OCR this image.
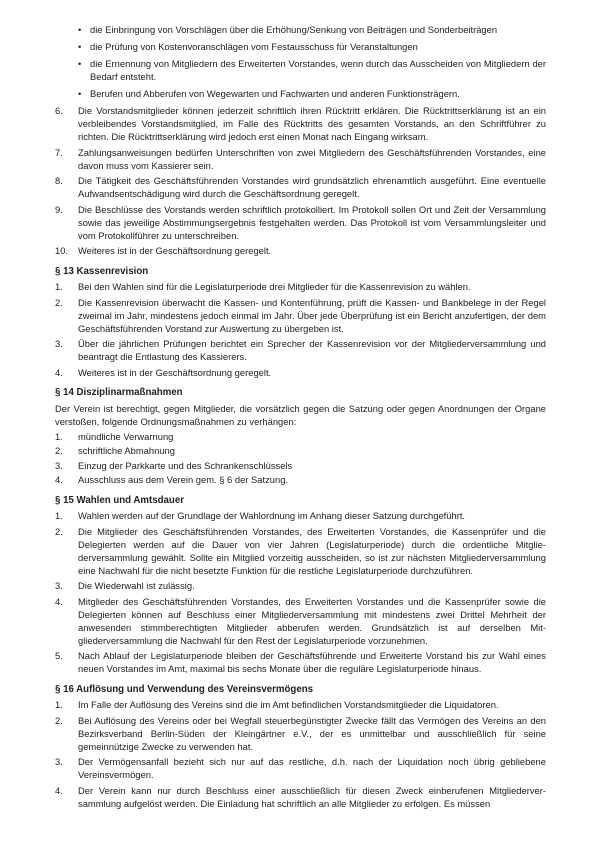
• die Einbringung von Vorschlägen über die Erhöhung/Senkung von Beiträgen und Sonderbeiträgen
• die Prüfung von Kostenvoranschlägen vom Festausschuss für Veranstaltungen
• die Ernennung von Mitgliedern des Erweiterten Vorstandes, wenn durch das Ausscheiden von Mitgliedern der Bedarf entsteht.
• Berufen und Abberufen von Wegewarten und Fachwarten und anderen Funktionsträgern.
6. Die Vorstandsmitglieder können jederzeit schriftlich ihren Rücktritt erklären. Die Rücktrittserklärung ist an ein verbleibendes Vorstandsmitglied, im Falle des Rücktritts des gesamten Vorstands, an den Schriftführer zu richten. Die Rücktrittserklärung wird jedoch erst einen Monat nach Eingang wirksam.
7. Zahlungsanweisungen bedürfen Unterschriften von zwei Mitgliedern des Geschäftsführenden Vorstandes, eine davon muss vom Kassierer sein.
8. Die Tätigkeit des Geschäftsführenden Vorstandes wird grundsätzlich ehrenamtlich ausgeführt. Eine eventuelle Aufwandsentschädigung wird durch die Geschäftsordnung geregelt.
9. Die Beschlüsse des Vorstands werden schriftlich protokolliert. Im Protokoll sollen Ort und Zeit der Versammlung sowie das jeweilige Abstimmungsergebnis festgehalten werden. Das Protokoll ist vom Versammlungsleiter und vom Protokollführer zu unterschreiben.
10. Weiteres ist in der Geschäftsordnung geregelt.
§ 13 Kassenrevision
1. Bei den Wahlen sind für die Legislaturperiode drei Mitglieder für die Kassenrevision zu wählen.
2. Die Kassenrevision überwacht die Kassen- und Kontenführung, prüft die Kassen- und Bankbelege in der Regel zweimal im Jahr, mindestens jedoch einmal im Jahr. Über jede Überprüfung ist ein Bericht anzufertigen, der dem Geschäftsführenden Vorstand zur Auswertung zu übergeben ist.
3. Über die jährlichen Prüfungen berichtet ein Sprecher der Kassenrevision vor der Mitgliederversammlung und beantragt die Entlastung des Kassierers.
4. Weiteres ist in der Geschäftsordnung geregelt.
§ 14 Disziplinarmaßnahmen
Der Verein ist berechtigt, gegen Mitglieder, die vorsätzlich gegen die Satzung oder gegen Anordnungen der Organe verstoßen, folgende Ordnungsmaßnahmen zu verhängen:
1. mündliche Verwarnung
2. schriftliche Abmahnung
3. Einzug der Parkkarte und des Schrankenschlüssels
4. Ausschluss aus dem Verein gem. § 6 der Satzung.
§ 15 Wahlen und Amtsdauer
1. Wahlen werden auf der Grundlage der Wahlordnung im Anhang dieser Satzung durchgeführt.
2. Die Mitglieder des Geschäftsführenden Vorstandes, des Erweiterten Vorstandes, die Kassenprüfer und die Delegierten werden auf die Dauer von vier Jahren (Legislaturperiode) durch die ordentliche Mitgliederversammlung gewählt. Sollte ein Mitglied vorzeitig ausscheiden, so ist zur nächsten Mitgliederversammlung eine Nachwahl für die nicht besetzte Funktion für die restliche Legislaturperiode durchzuführen.
3. Die Wiederwahl ist zulässig.
4. Mitglieder des Geschäftsführenden Vorstandes, des Erweiterten Vorstandes und die Kassenprüfer sowie die Delegierten können auf Beschluss einer Mitgliederversammlung mit mindestens zwei Drittel Mehrheit der anwesenden stimmberechtigten Mitglieder abberufen werden. Grundsätzlich ist auf derselben Mitgliederversammlung die Nachwahl für den Rest der Legislaturperiode vorzunehmen.
5. Nach Ablauf der Legislaturperiode bleiben der Geschäftsführende und Erweiterte Vorstand bis zur Wahl eines neuen Vorstandes im Amt, maximal bis sechs Monate über die reguläre Legislaturperiode hinaus.
§ 16 Auflösung und Verwendung des Vereinsvermögens
1. Im Falle der Auflösung des Vereins sind die im Amt befindlichen Vorstandsmitglieder die Liquidatoren.
2. Bei Auflösung des Vereins oder bei Wegfall steuerbegünstigter Zwecke fällt das Vermögen des Vereins an den Bezirksverband Berlin-Süden der Kleingärtner e.V., der es unmittelbar und ausschließlich für seine gemeinnützige Zwecke zu verwenden hat.
3. Der Vermögensanfall bezieht sich nur auf das restliche, d.h. nach der Liquidation noch übrig gebliebene Vereinsvermögen.
4. Der Verein kann nur durch Beschluss einer ausschließlich für diesen Zweck einberufenen Mitgliederversammlung aufgelöst werden. Die Einladung hat schriftlich an alle Mitglieder zu erfolgen. Es müssen
